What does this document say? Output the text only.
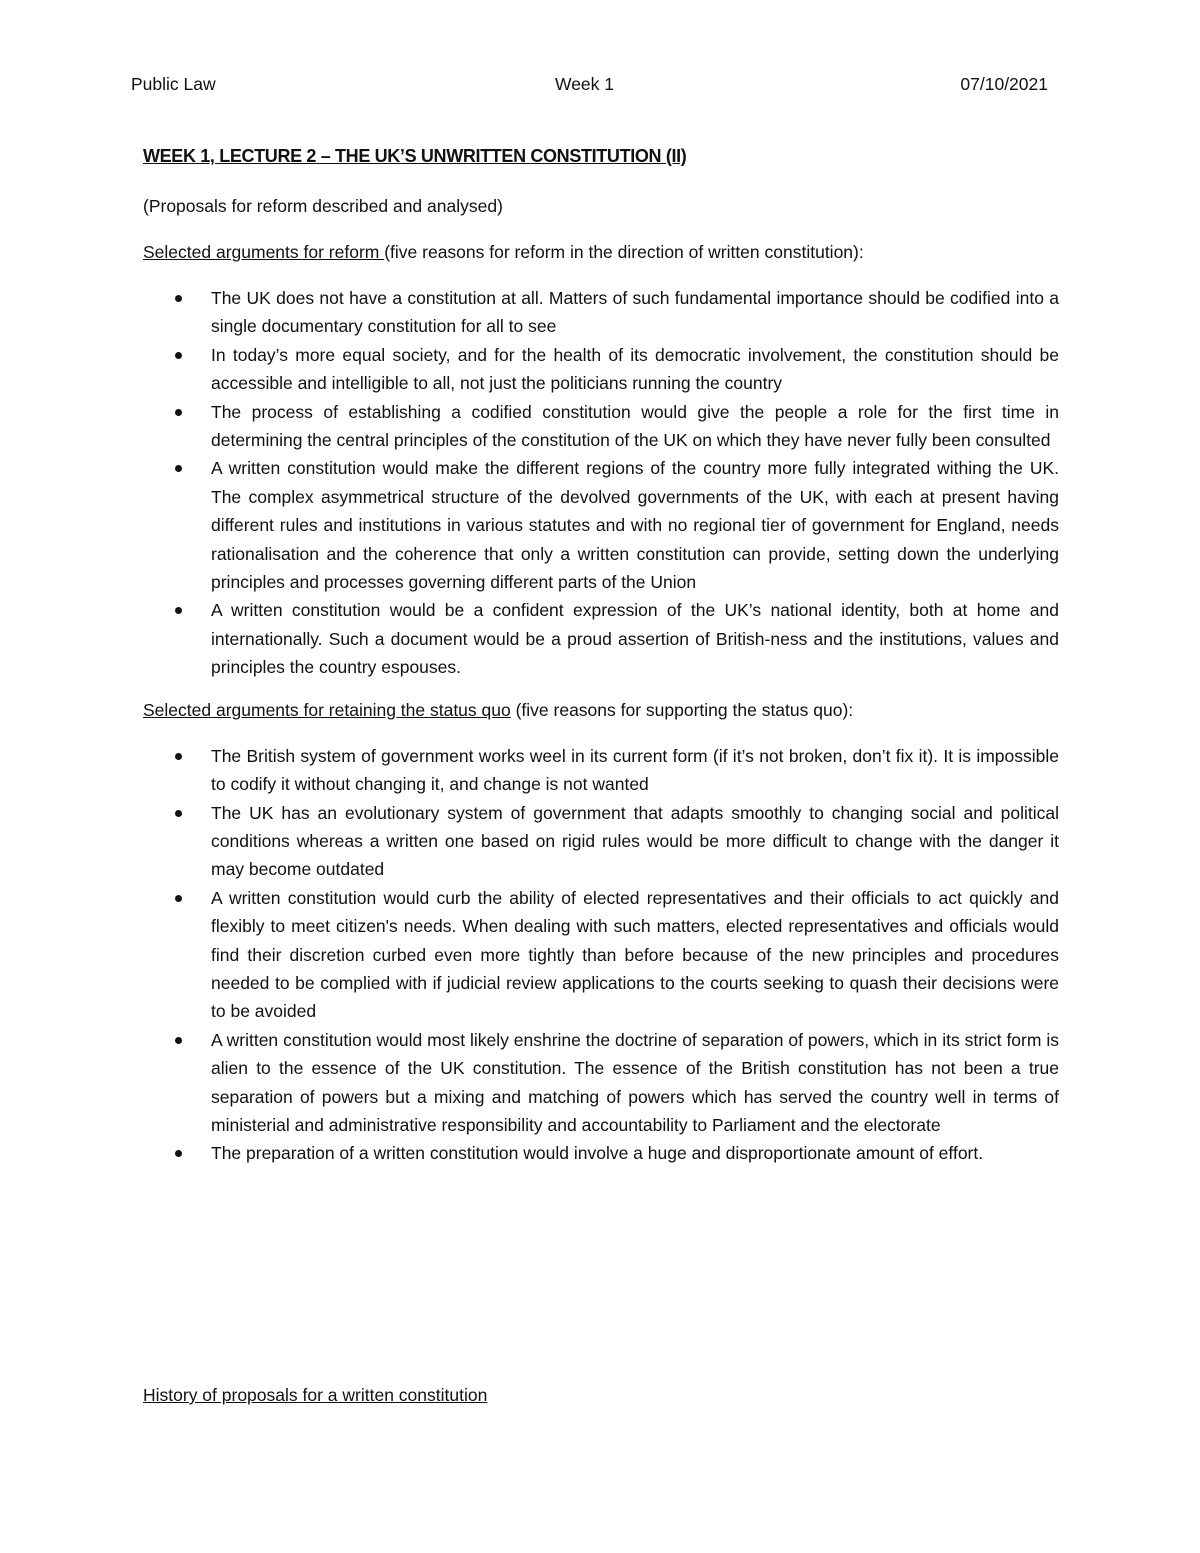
Public Law	Week 1	07/10/2021
WEEK 1, LECTURE 2 – THE UK’S UNWRITTEN CONSTITUTION (II)
(Proposals for reform described and analysed)
Selected arguments for reform (five reasons for reform in the direction of written constitution):
The UK does not have a constitution at all. Matters of such fundamental importance should be codified into a single documentary constitution for all to see
In today’s more equal society, and for the health of its democratic involvement, the constitution should be accessible and intelligible to all, not just the politicians running the country
The process of establishing a codified constitution would give the people a role for the first time in determining the central principles of the constitution of the UK on which they have never fully been consulted
A written constitution would make the different regions of the country more fully integrated withing the UK. The complex asymmetrical structure of the devolved governments of the UK, with each at present having different rules and institutions in various statutes and with no regional tier of government for England, needs rationalisation and the coherence that only a written constitution can provide, setting down the underlying principles and processes governing different parts of the Union
A written constitution would be a confident expression of the UK’s national identity, both at home and internationally. Such a document would be a proud assertion of British-ness and the institutions, values and principles the country espouses.
Selected arguments for retaining the status quo (five reasons for supporting the status quo):
The British system of government works weel in its current form (if it’s not broken, don’t fix it). It is impossible to codify it without changing it, and change is not wanted
The UK has an evolutionary system of government that adapts smoothly to changing social and political conditions whereas a written one based on rigid rules would be more difficult to change with the danger it may become outdated
A written constitution would curb the ability of elected representatives and their officials to act quickly and flexibly to meet citizen's needs. When dealing with such matters, elected representatives and officials would find their discretion curbed even more tightly than before because of the new principles and procedures needed to be complied with if judicial review applications to the courts seeking to quash their decisions were to be avoided
A written constitution would most likely enshrine the doctrine of separation of powers, which in its strict form is alien to the essence of the UK constitution. The essence of the British constitution has not been a true separation of powers but a mixing and matching of powers which has served the country well in terms of ministerial and administrative responsibility and accountability to Parliament and the electorate
The preparation of a written constitution would involve a huge and disproportionate amount of effort.
History of proposals for a written constitution
